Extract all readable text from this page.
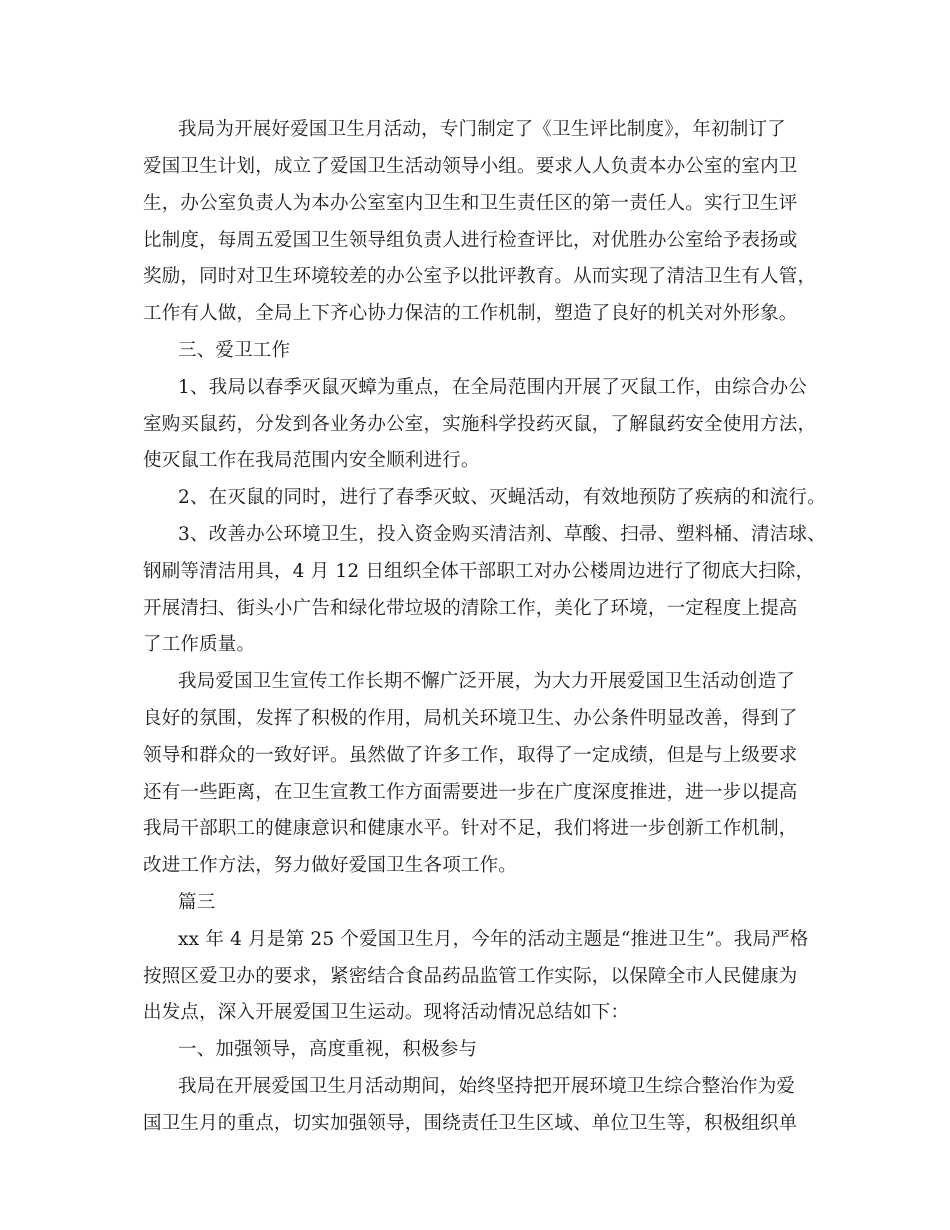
我局为开展好爱国卫生月活动，专门制定了《卫生评比制度》，年初制订了
爱国卫生计划，成立了爱国卫生活动领导小组。要求人人负责本办公室的室内卫
生，办公室负责人为本办公室室内卫生和卫生责任区的第一责任人。实行卫生评
比制度，每周五爱国卫生领导组负责人进行检查评比，对优胜办公室给予表扬或
奖励，同时对卫生环境较差的办公室予以批评教育。从而实现了清洁卫生有人管，
工作有人做，全局上下齐心协力保洁的工作机制，塑造了良好的机关对外形象。
三、爱卫工作
1、我局以春季灭鼠灭蟑为重点，在全局范围内开展了灭鼠工作，由综合办公
室购买鼠药，分发到各业务办公室，实施科学投药灭鼠，了解鼠药安全使用方法，
使灭鼠工作在我局范围内安全顺利进行。
2、在灭鼠的同时，进行了春季灭蚊、灭蝇活动，有效地预防了疾病的和流行。
3、改善办公环境卫生，投入资金购买清洁剂、草酸、扫帚、塑料桶、清洁球、
钢刷等清洁用具，4 月 12 日组织全体干部职工对办公楼周边进行了彻底大扫除，
开展清扫、街头小广告和绿化带垃圾的清除工作，美化了环境，一定程度上提高
了工作质量。
我局爱国卫生宣传工作长期不懈广泛开展，为大力开展爱国卫生活动创造了
良好的氛围，发挥了积极的作用，局机关环境卫生、办公条件明显改善，得到了
领导和群众的一致好评。虽然做了许多工作，取得了一定成绩，但是与上级要求
还有一些距离，在卫生宣教工作方面需要进一步在广度深度推进，进一步以提高
我局干部职工的健康意识和健康水平。针对不足，我们将进一步创新工作机制，
改进工作方法，努力做好爱国卫生各项工作。
篇三
xx 年 4 月是第 25 个爱国卫生月，今年的活动主题是“推进卫生”。我局严格
按照区爱卫办的要求，紧密结合食品药品监管工作实际，以保障全市人民健康为
出发点，深入开展爱国卫生运动。现将活动情况总结如下：
一、加强领导，高度重视，积极参与
我局在开展爱国卫生月活动期间，始终坚持把开展环境卫生综合整治作为爱
国卫生月的重点，切实加强领导，围绕责任卫生区域、单位卫生等，积极组织单
